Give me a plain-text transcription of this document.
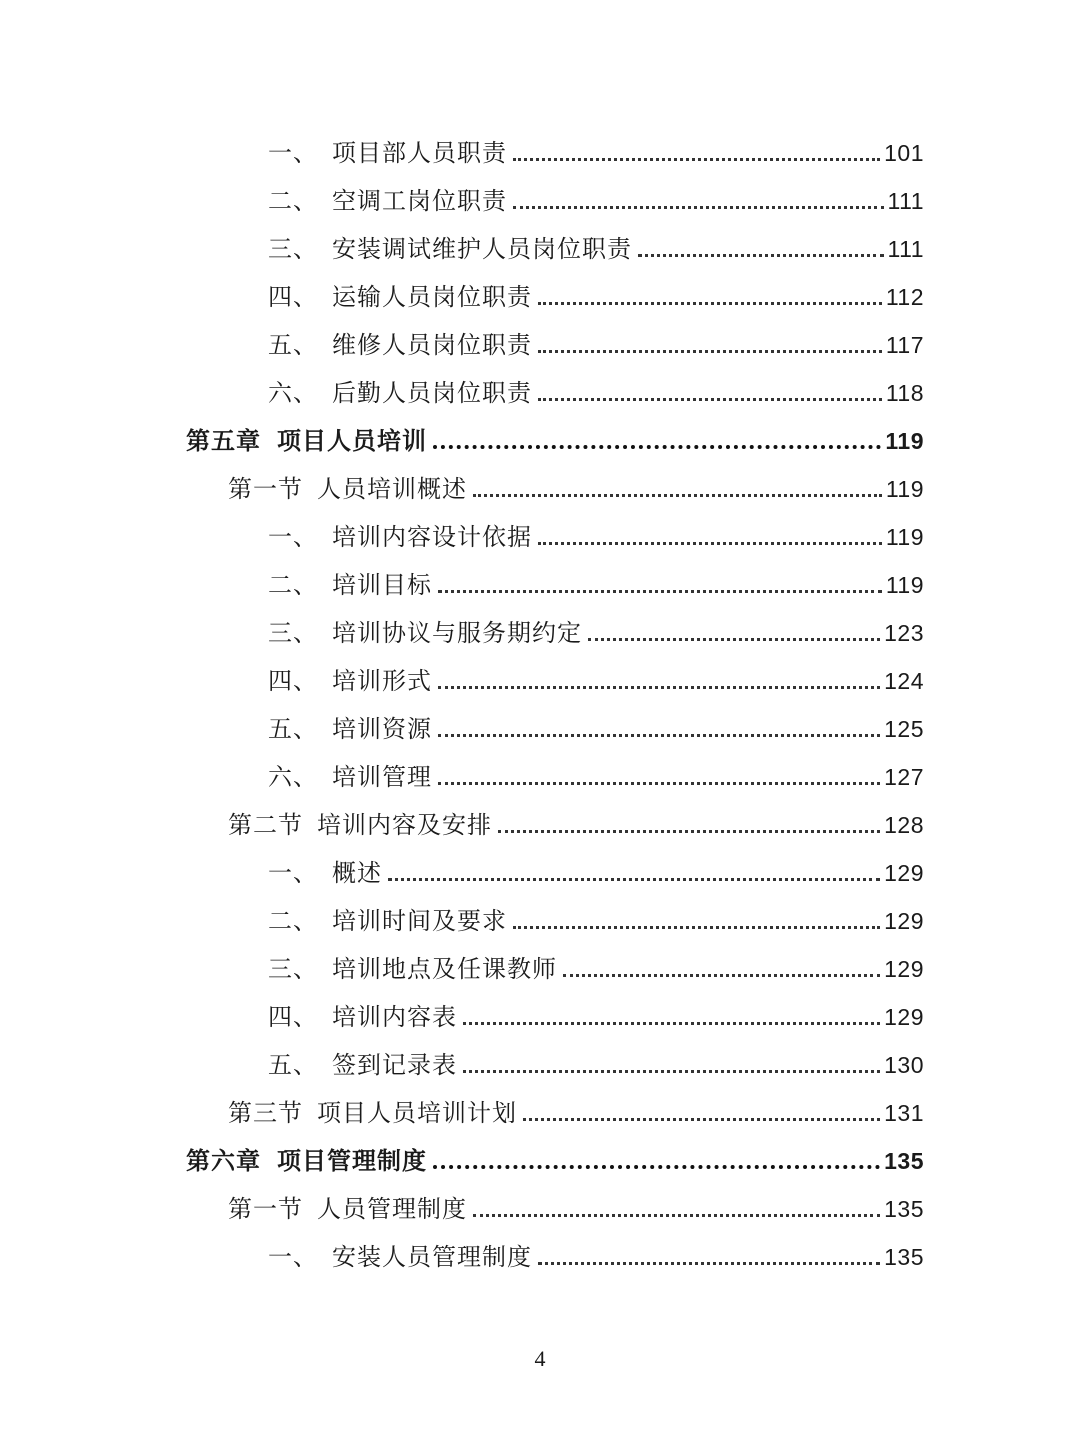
一、 项目部人员职责	101
二、 空调工岗位职责	111
三、 安装调试维护人员岗位职责	111
四、 运输人员岗位职责	112
五、 维修人员岗位职责	117
六、 后勤人员岗位职责	118
第五章 项目人员培训	119
第一节 人员培训概述	119
一、 培训内容设计依据	119
二、 培训目标	119
三、 培训协议与服务期约定	123
四、 培训形式	124
五、 培训资源	125
六、 培训管理	127
第二节 培训内容及安排	128
一、 概述	129
二、 培训时间及要求	129
三、 培训地点及任课教师	129
四、 培训内容表	129
五、 签到记录表	130
第三节 项目人员培训计划	131
第六章 项目管理制度	135
第一节 人员管理制度	135
一、 安装人员管理制度	135
4
